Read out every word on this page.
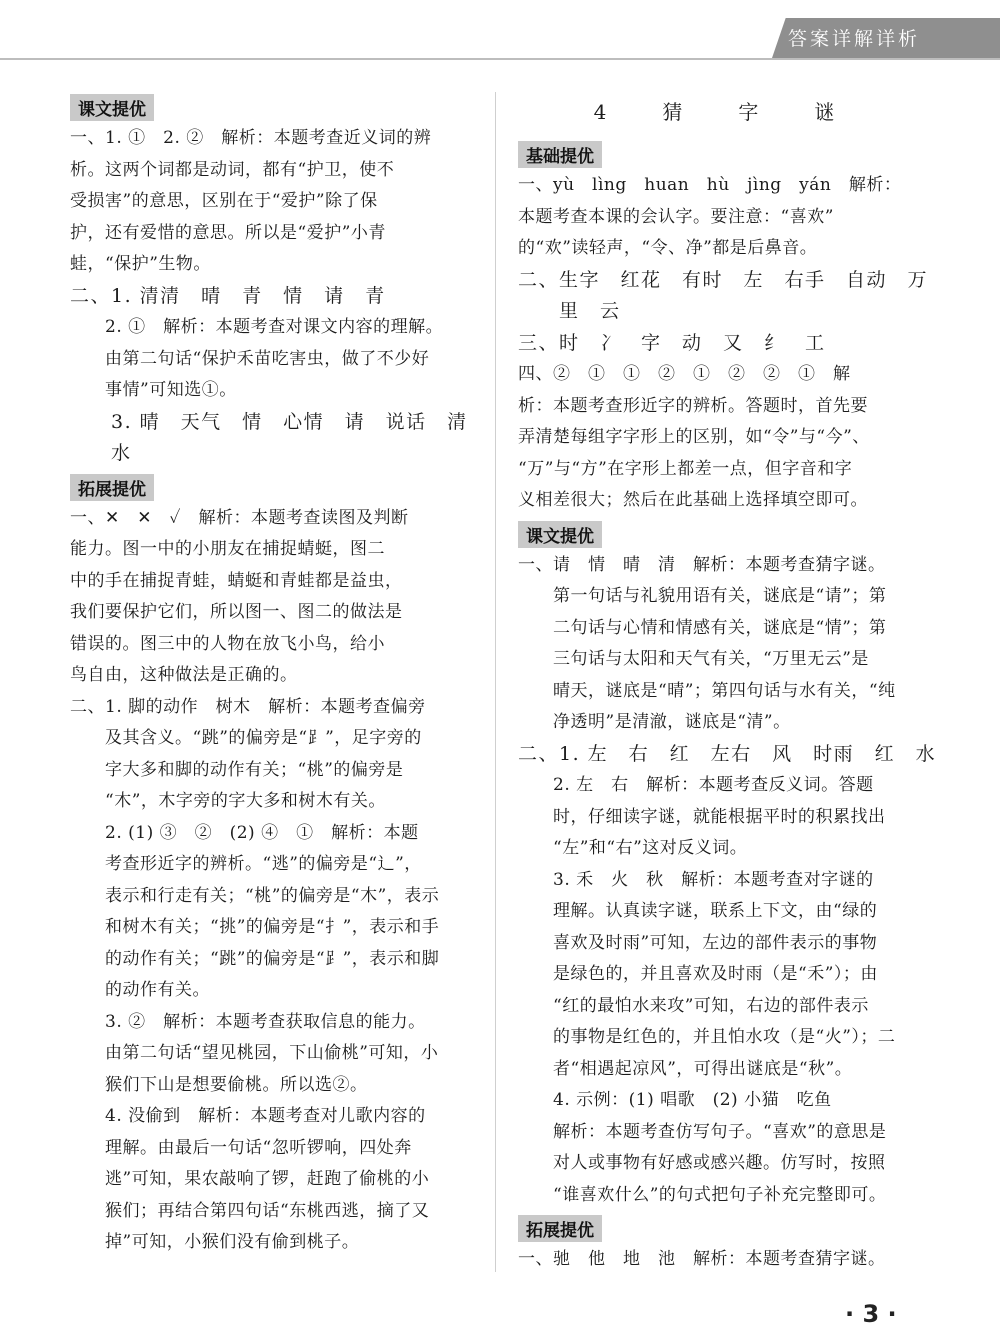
答案详解详析
课文提优
一、1. ①　2. ②　解析：本题考查近义词的辨
析。这两个词都是动词，都有“护卫，使不
受损害”的意思，区别在于“爱护”除了保
护，还有爱惜的意思。所以是“爱护”小青
蛙，“保护”生物。
二、1. 清清　晴　青　情　请　青
　　2. ①　解析：本题考查对课文内容的理解。
　　由第二句话“保护禾苗吃害虫，做了不少好
　　事情”可知选①。
　　3. 晴　天气　情　心情　请　说话　清
　　水
拓展提优
一、✕　✕　✓　解析：本题考查读图及判断
能力。图一中的小朋友在捕捉蜻蜓，图二
中的手在捕捉青蛙，蜻蜓和青蛙都是益虫，
我们要保护它们，所以图一、图二的做法是
错误的。图三中的人物在放飞小鸟，给小
鸟自由，这种做法是正确的。
二、1. 脚的动作　树木　解析：本题考查偏旁
　　及其含义。“跳”的偏旁是“⻊”，足字旁的
　　字大多和脚的动作有关；“桃”的偏旁是
　　“木”，木字旁的字大多和树木有关。
　　2. (1) ③　②　(2) ④　①　解析：本题
　　考查形近字的辨析。“逃”的偏旁是“辶”，
　　表示和行走有关；“桃”的偏旁是“木”，表示
　　和树木有关；“挑”的偏旁是“扌”，表示和手
　　的动作有关；“跳”的偏旁是“⻊”，表示和脚
　　的动作有关。
　　3. ②　解析：本题考查获取信息的能力。
　　由第二句话“望见桃园，下山偷桃”可知，小
　　猴们下山是想要偷桃。所以选②。
　　4. 没偷到　解析：本题考查对儿歌内容的
　　理解。由最后一句话“忽听锣响，四处奔
　　逃”可知，果农敲响了锣，赶跑了偷桃的小
　　猴们；再结合第四句话“东桃西逃，摘了又
　　掉”可知，小猴们没有偷到桃子。
4　猜　字　谜
基础提优
一、yù　lìng　huan　hù　jìng　yán　解析：
本题考查本课的会认字。要注意：“喜欢”
的“欢”读轻声，“令、净”都是后鼻音。
二、生字　红花　有时　左　右手　自动　万
　　里　云
三、时　冫　字　动　又　纟　工
四、②　①　①　②　①　②　②　①　解
析：本题考查形近字的辨析。答题时，首先要
弄清楚每组字字形上的区别，如“令”与“今”、
“万”与“方”在字形上都差一点，但字音和字
义相差很大；然后在此基础上选择填空即可。
课文提优
一、请　情　晴　清　解析：本题考查猜字谜。
　　第一句话与礼貌用语有关，谜底是“请”；第
　　二句话与心情和情感有关，谜底是“情”；第
　　三句话与太阳和天气有关，“万里无云”是
　　晴天，谜底是“晴”；第四句话与水有关，“纯
　　净透明”是清澈，谜底是“清”。
二、1. 左　右　红　左右　风　时雨　红　水
　　2. 左　右　解析：本题考查反义词。答题
　　时，仔细读字谜，就能根据平时的积累找出
　　“左”和“右”这对反义词。
　　3. 禾　火　秋　解析：本题考查对字谜的
　　理解。认真读字谜，联系上下文，由“绿的
　　喜欢及时雨”可知，左边的部件表示的事物
　　是绿色的，并且喜欢及时雨（是“禾”）；由
　　“红的最怕水来攻”可知，右边的部件表示
　　的事物是红色的，并且怕水攻（是“火”）；二
　　者“相遇起凉风”，可得出谜底是“秋”。
　　4. 示例：(1) 唱歌　(2) 小猫　吃鱼
　　解析：本题考查仿写句子。“喜欢”的意思是
　　对人或事物有好感或感兴趣。仿写时，按照
　　“谁喜欢什么”的句式把句子补充完整即可。
拓展提优
一、驰　他　地　池　解析：本题考查猜字谜。
· 3 ·
